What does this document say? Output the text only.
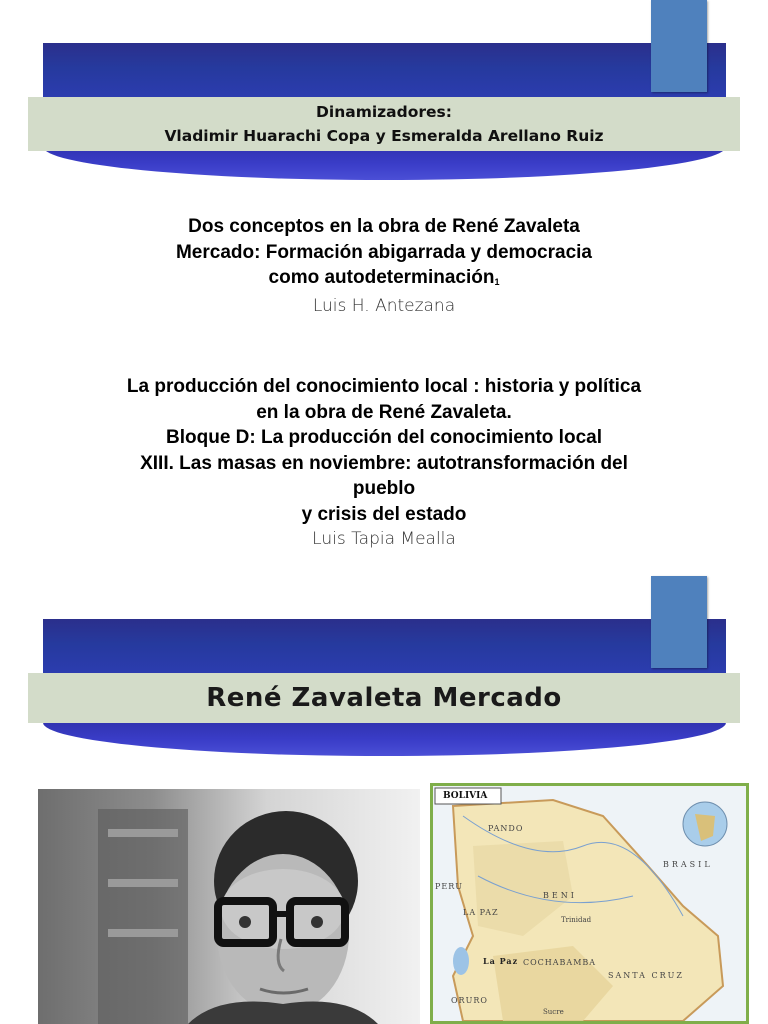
Dinamizadores:
Vladimir Huarachi Copa y Esmeralda Arellano Ruiz
Dos conceptos en la obra de René Zavaleta
Mercado: Formación abigarrada y democracia
como autodeterminación1
Luis H. Antezana
La producción del conocimiento local : historia y política
en la obra de René Zavaleta.
Bloque D: La producción del conocimiento local
XIII. Las masas en noviembre: autotransformación del
pueblo
y crisis del estado
Luis Tapia Mealla
René Zavaleta Mercado
BOLIVIA
PANDO
BRASIL
PERU
BENI
LA PAZ
La Paz COCHABAMBA
SANTA CRUZ
ORURO
Trinidad
Sucre
